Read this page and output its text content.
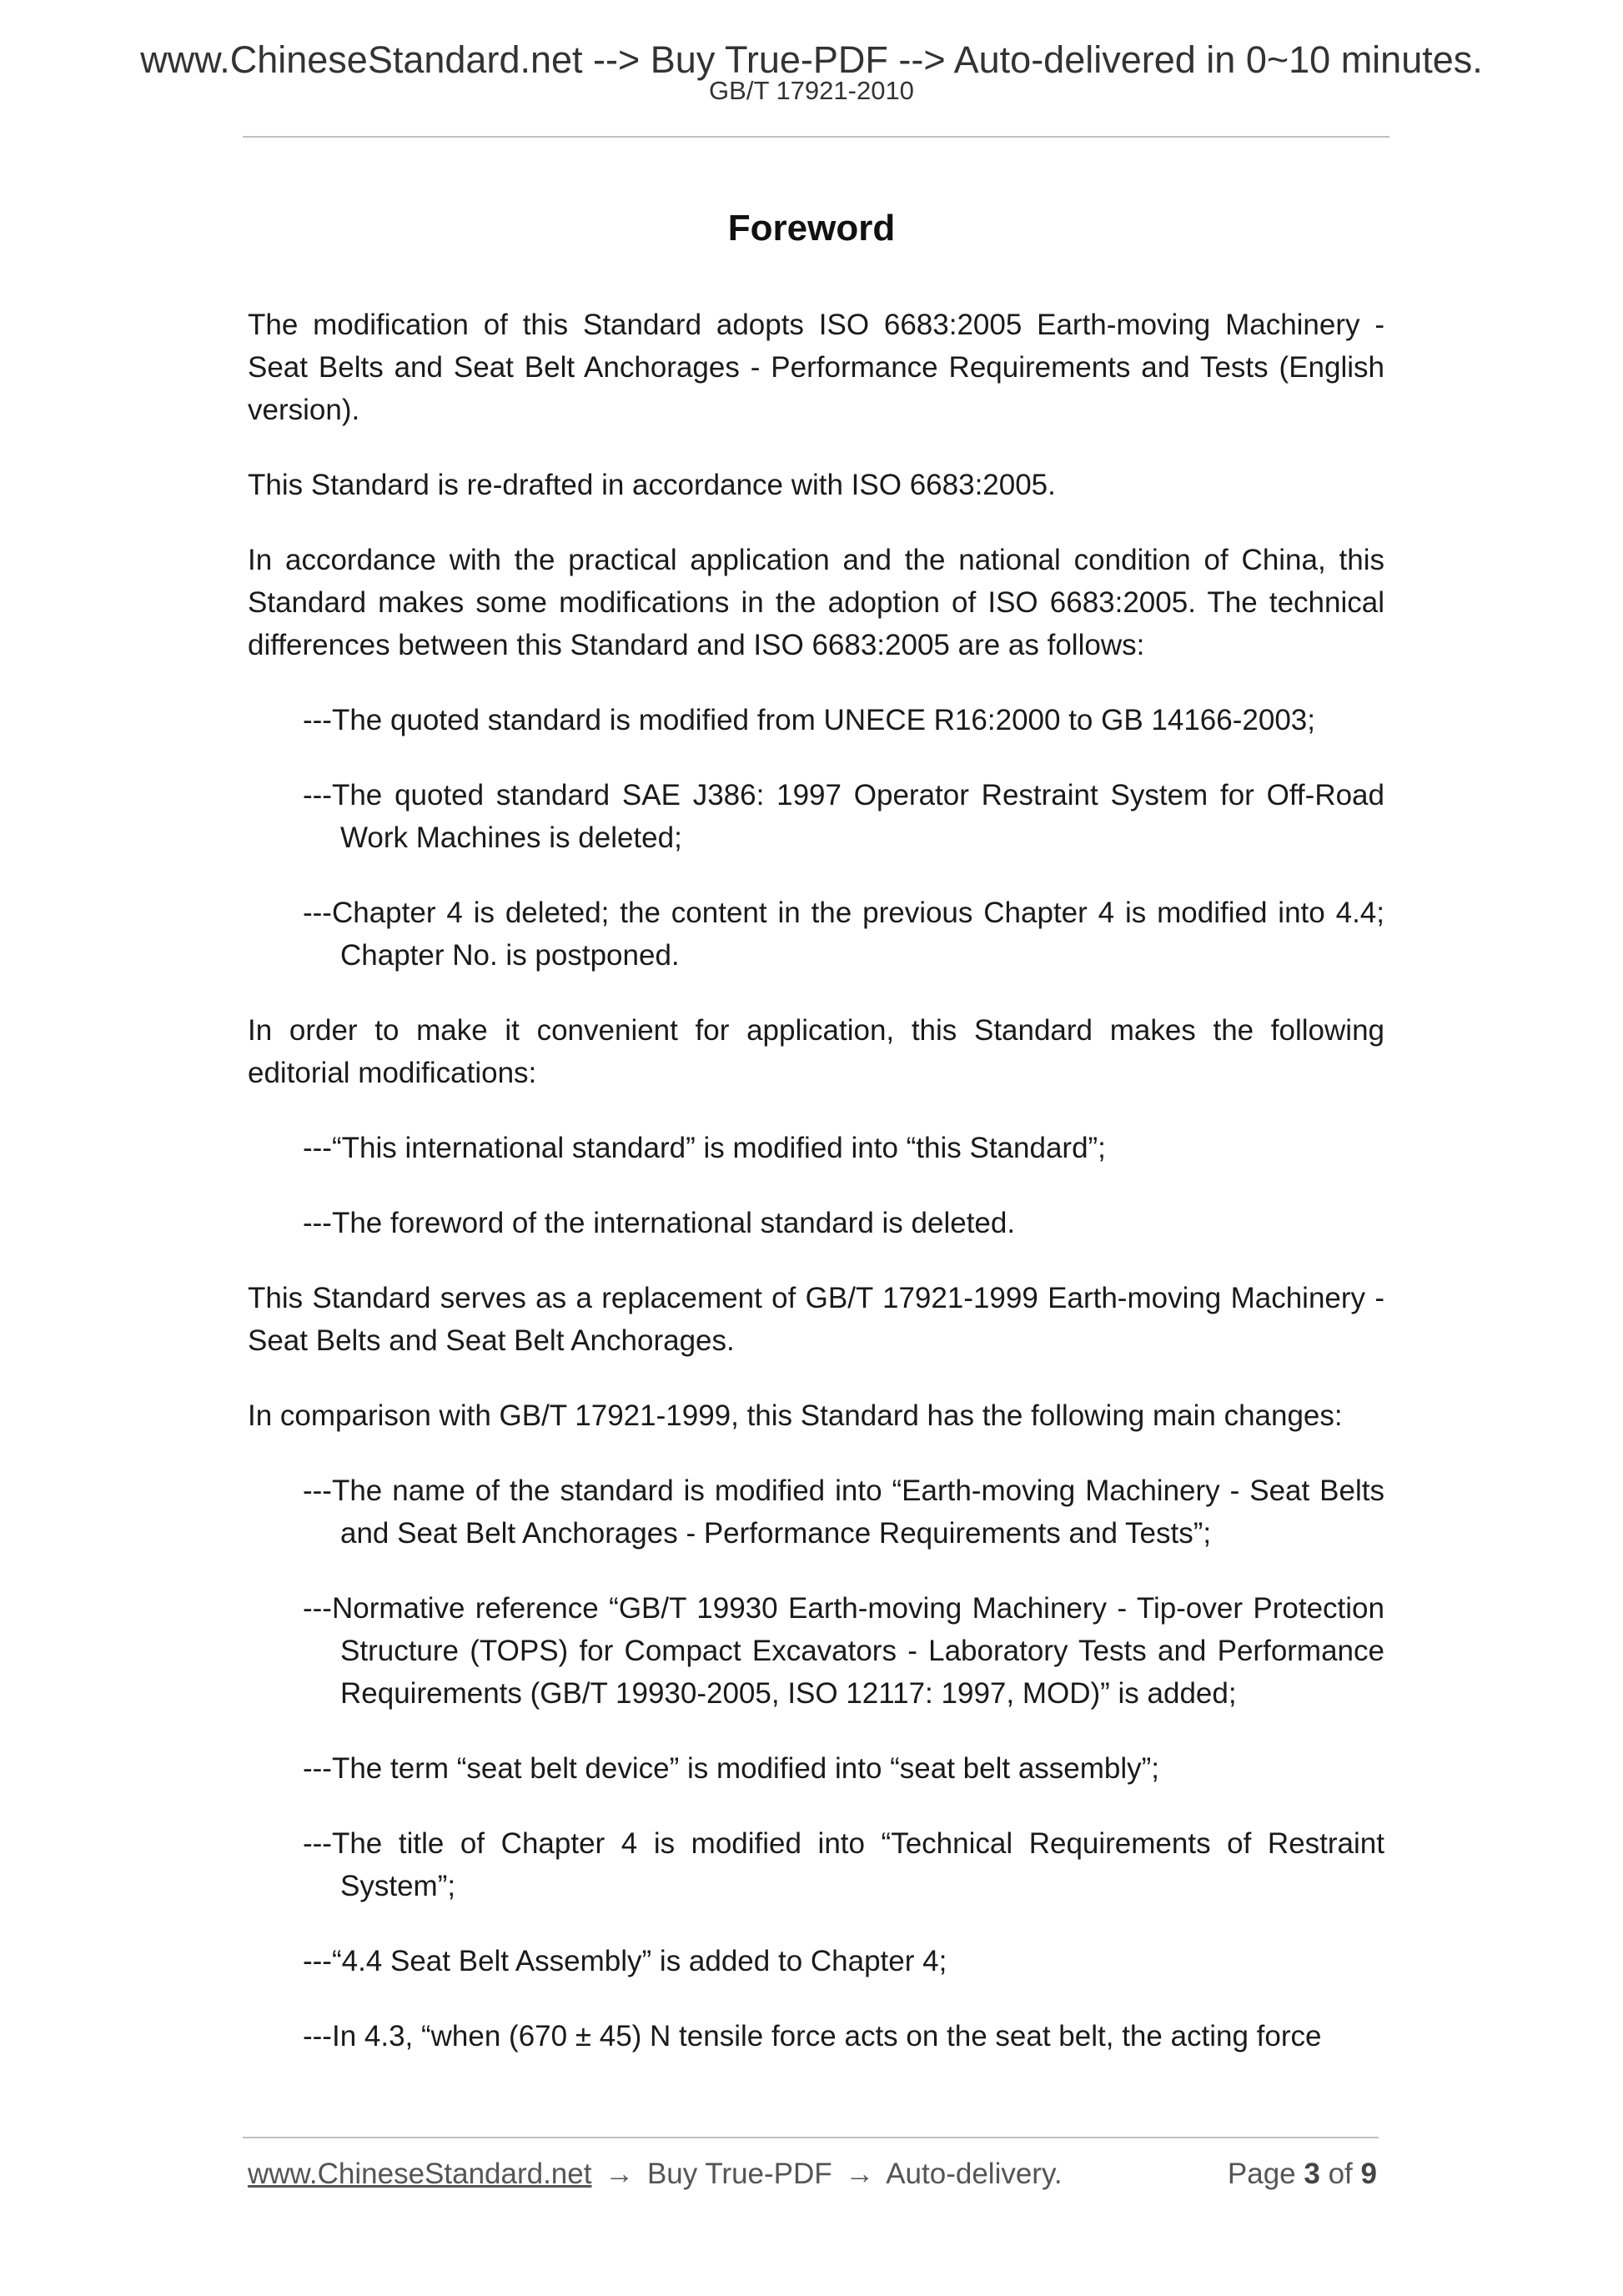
www.ChineseStandard.net --> Buy True-PDF --> Auto-delivered in 0~10 minutes.
GB/T 17921-2010
Foreword

The modification of this Standard adopts ISO 6683:2005 Earth-moving Machinery - Seat Belts and Seat Belt Anchorages - Performance Requirements and Tests (English version).

This Standard is re-drafted in accordance with ISO 6683:2005.

In accordance with the practical application and the national condition of China, this Standard makes some modifications in the adoption of ISO 6683:2005. The technical differences between this Standard and ISO 6683:2005 are as follows:

---The quoted standard is modified from UNECE R16:2000 to GB 14166-2003;

---The quoted standard SAE J386: 1997 Operator Restraint System for Off-Road Work Machines is deleted;

---Chapter 4 is deleted; the content in the previous Chapter 4 is modified into 4.4; Chapter No. is postponed.

In order to make it convenient for application, this Standard makes the following editorial modifications:

---“This international standard” is modified into “this Standard”;

---The foreword of the international standard is deleted.

This Standard serves as a replacement of GB/T 17921-1999 Earth-moving Machinery - Seat Belts and Seat Belt Anchorages.

In comparison with GB/T 17921-1999, this Standard has the following main changes:

---The name of the standard is modified into “Earth-moving Machinery - Seat Belts and Seat Belt Anchorages - Performance Requirements and Tests”;

---Normative reference “GB/T 19930 Earth-moving Machinery - Tip-over Protection Structure (TOPS) for Compact Excavators - Laboratory Tests and Performance Requirements (GB/T 19930-2005, ISO 12117: 1997, MOD)” is added;

---The term “seat belt device” is modified into “seat belt assembly”;

---The title of Chapter 4 is modified into “Technical Requirements of Restraint System”;

---“4.4 Seat Belt Assembly” is added to Chapter 4;

---In 4.3, “when (670 ± 45) N tensile force acts on the seat belt, the acting force

www.ChineseStandard.net → Buy True-PDF → Auto-delivery.	Page 3 of 9
